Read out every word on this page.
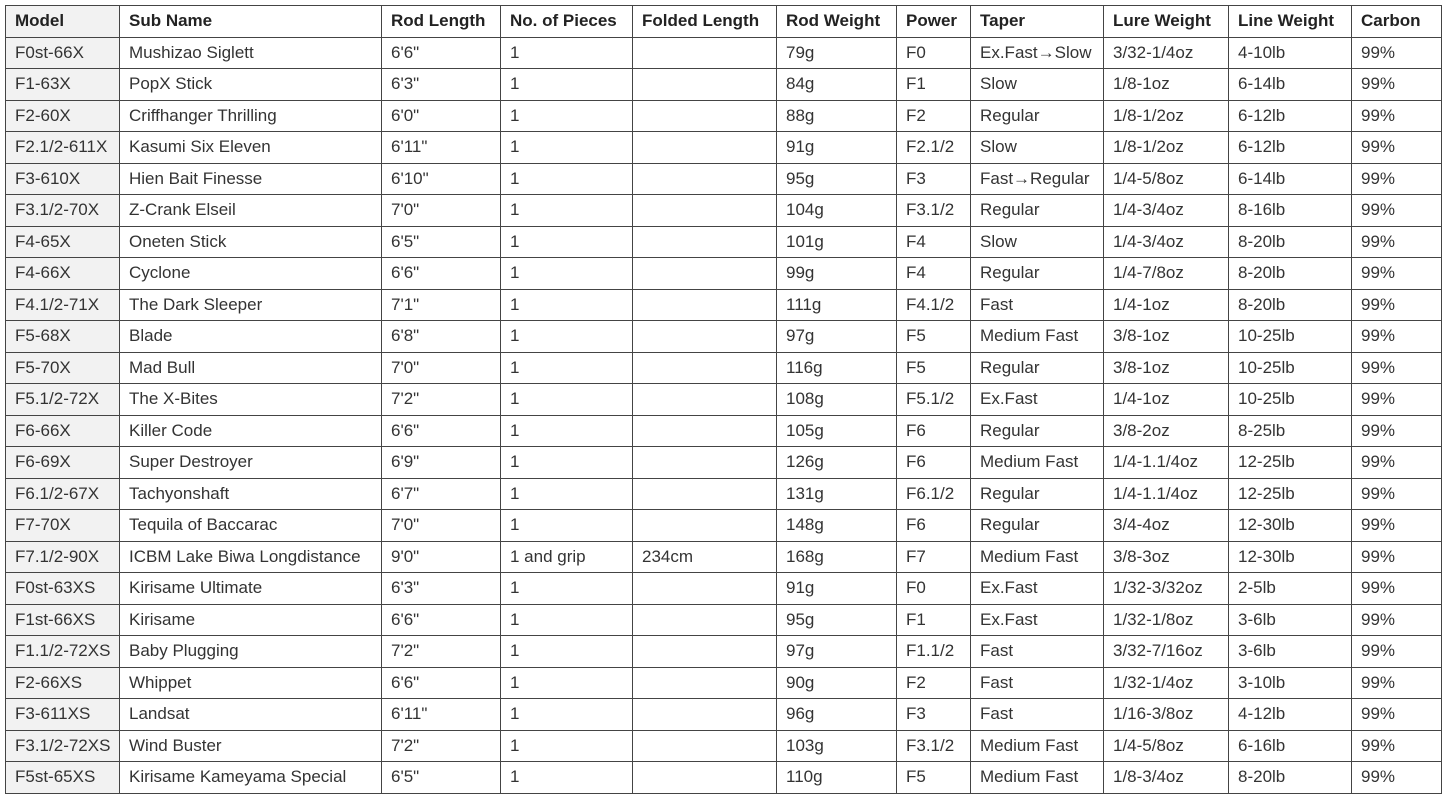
Model	Sub Name	Rod Length	No. of Pieces	Folded Length	Rod Weight	Power	Taper	Lure Weight	Line Weight	Carbon
F0st-66X	Mushizao Siglett	6'6"	1		79g	F0	Ex.Fast→Slow	3/32-1/4oz	4-10lb	99%
F1-63X	PopX Stick	6'3"	1		84g	F1	Slow	1/8-1oz	6-14lb	99%
F2-60X	Criffhanger Thrilling	6'0"	1		88g	F2	Regular	1/8-1/2oz	6-12lb	99%
F2.1/2-611X	Kasumi Six Eleven	6'11"	1		91g	F2.1/2	Slow	1/8-1/2oz	6-12lb	99%
F3-610X	Hien Bait Finesse	6'10"	1		95g	F3	Fast→Regular	1/4-5/8oz	6-14lb	99%
F3.1/2-70X	Z-Crank Elseil	7'0"	1		104g	F3.1/2	Regular	1/4-3/4oz	8-16lb	99%
F4-65X	Oneten Stick	6'5"	1		101g	F4	Slow	1/4-3/4oz	8-20lb	99%
F4-66X	Cyclone	6'6"	1		99g	F4	Regular	1/4-7/8oz	8-20lb	99%
F4.1/2-71X	The Dark Sleeper	7'1"	1		111g	F4.1/2	Fast	1/4-1oz	8-20lb	99%
F5-68X	Blade	6'8"	1		97g	F5	Medium Fast	3/8-1oz	10-25lb	99%
F5-70X	Mad Bull	7'0"	1		116g	F5	Regular	3/8-1oz	10-25lb	99%
F5.1/2-72X	The X-Bites	7'2"	1		108g	F5.1/2	Ex.Fast	1/4-1oz	10-25lb	99%
F6-66X	Killer Code	6'6"	1		105g	F6	Regular	3/8-2oz	8-25lb	99%
F6-69X	Super Destroyer	6'9"	1		126g	F6	Medium Fast	1/4-1.1/4oz	12-25lb	99%
F6.1/2-67X	Tachyonshaft	6'7"	1		131g	F6.1/2	Regular	1/4-1.1/4oz	12-25lb	99%
F7-70X	Tequila of Baccarac	7'0"	1		148g	F6	Regular	3/4-4oz	12-30lb	99%
F7.1/2-90X	ICBM Lake Biwa Longdistance	9'0"	1 and grip	234cm	168g	F7	Medium Fast	3/8-3oz	12-30lb	99%
F0st-63XS	Kirisame Ultimate	6'3"	1		91g	F0	Ex.Fast	1/32-3/32oz	2-5lb	99%
F1st-66XS	Kirisame	6'6"	1		95g	F1	Ex.Fast	1/32-1/8oz	3-6lb	99%
F1.1/2-72XS	Baby Plugging	7'2"	1		97g	F1.1/2	Fast	3/32-7/16oz	3-6lb	99%
F2-66XS	Whippet	6'6"	1		90g	F2	Fast	1/32-1/4oz	3-10lb	99%
F3-611XS	Landsat	6'11"	1		96g	F3	Fast	1/16-3/8oz	4-12lb	99%
F3.1/2-72XS	Wind Buster	7'2"	1		103g	F3.1/2	Medium Fast	1/4-5/8oz	6-16lb	99%
F5st-65XS	Kirisame Kameyama Special	6'5"	1		110g	F5	Medium Fast	1/8-3/4oz	8-20lb	99%
